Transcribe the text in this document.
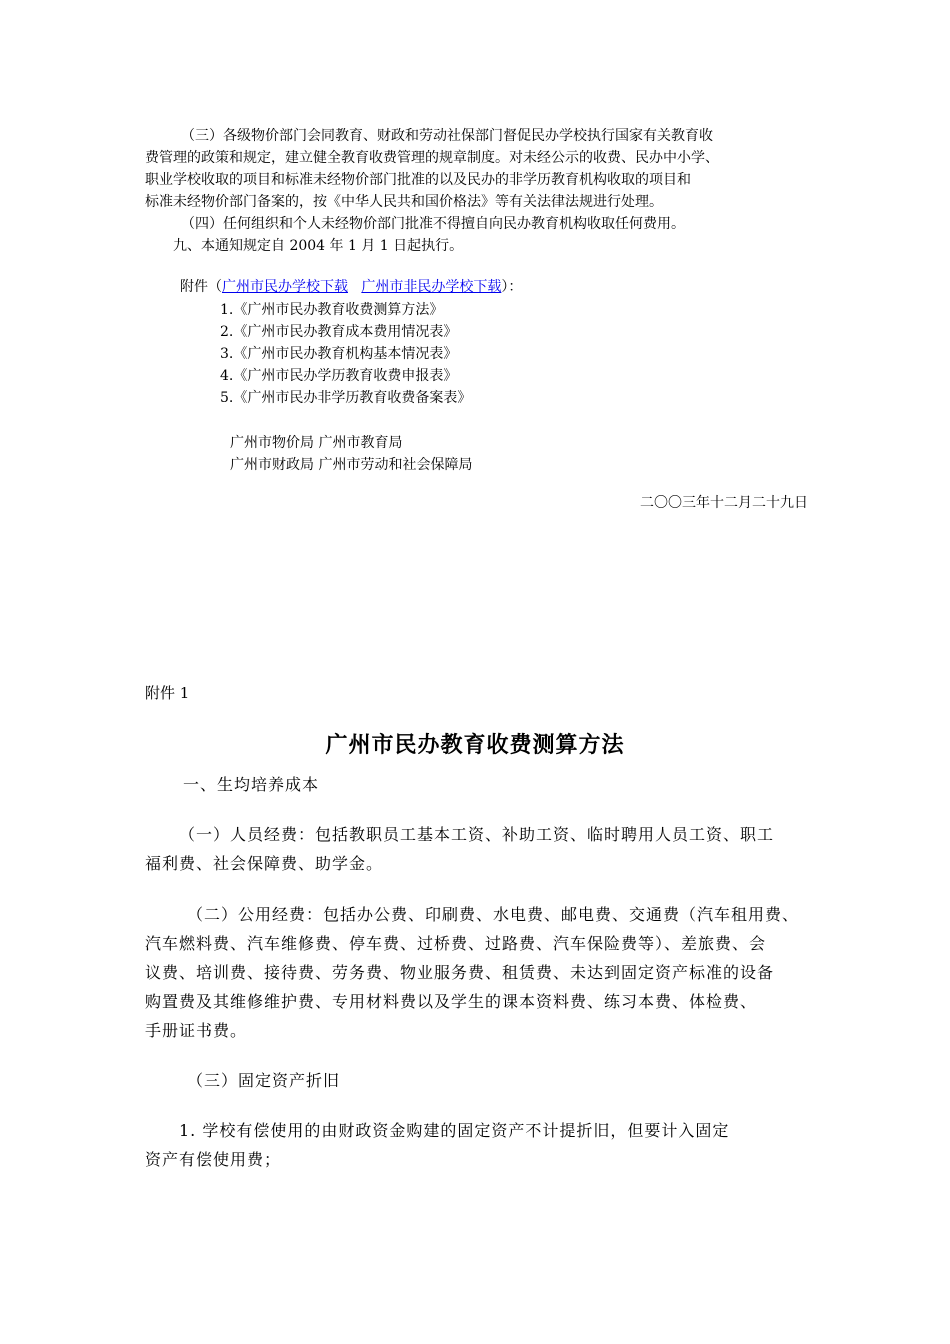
（三）各级物价部门会同教育、财政和劳动社保部门督促民办学校执行国家有关教育收
费管理的政策和规定，建立健全教育收费管理的规章制度。对未经公示的收费、民办中小学、
职业学校收取的项目和标准未经物价部门批准的以及民办的非学历教育机构收取的项目和
标准未经物价部门备案的，按《中华人民共和国价格法》等有关法律法规进行处理。
（四）任何组织和个人未经物价部门批准不得擅自向民办教育机构收取任何费用。
九、本通知规定自 2004 年 1 月 1 日起执行。
附件（广州市民办学校下载 广州市非民办学校下载）：
1.《广州市民办教育收费测算方法》
2.《广州市民办教育成本费用情况表》
3.《广州市民办教育机构基本情况表》
4.《广州市民办学历教育收费申报表》
5.《广州市民办非学历教育收费备案表》
广州市物价局 广州市教育局
广州市财政局 广州市劳动和社会保障局
二〇〇三年十二月二十九日
附件 1
广州市民办教育收费测算方法
一、生均培养成本
（一）人员经费：包括教职员工基本工资、补助工资、临时聘用人员工资、职工
福利费、社会保障费、助学金。
（二）公用经费：包括办公费、印刷费、水电费、邮电费、交通费（汽车租用费、
汽车燃料费、汽车维修费、停车费、过桥费、过路费、汽车保险费等）、差旅费、会
议费、培训费、接待费、劳务费、物业服务费、租赁费、未达到固定资产标准的设备
购置费及其维修维护费、专用材料费以及学生的课本资料费、练习本费、体检费、
手册证书费。
（三）固定资产折旧
1. 学校有偿使用的由财政资金购建的固定资产不计提折旧，但要计入固定
资产有偿使用费；
